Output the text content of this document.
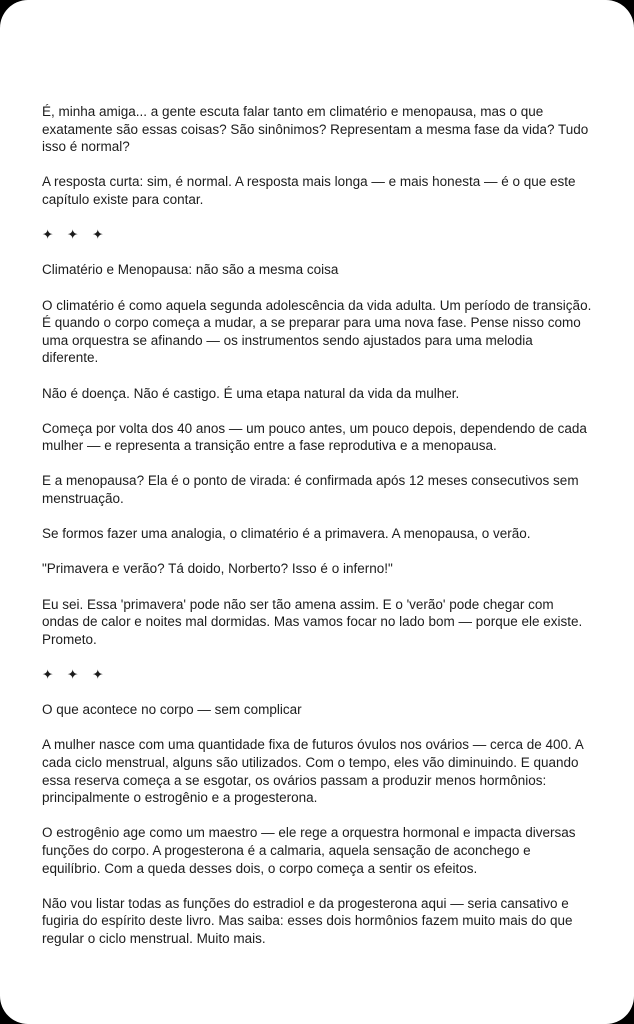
É, minha amiga... a gente escuta falar tanto em climatério e menopausa, mas o que exatamente são essas coisas? São sinônimos? Representam a mesma fase da vida? Tudo isso é normal?

A resposta curta: sim, é normal. A resposta mais longa — e mais honesta — é o que este capítulo existe para contar.

✦ ✦ ✦

Climatério e Menopausa: não são a mesma coisa

O climatério é como aquela segunda adolescência da vida adulta. Um período de transição. É quando o corpo começa a mudar, a se preparar para uma nova fase. Pense nisso como uma orquestra se afinando — os instrumentos sendo ajustados para uma melodia diferente.

Não é doença. Não é castigo. É uma etapa natural da vida da mulher.

Começa por volta dos 40 anos — um pouco antes, um pouco depois, dependendo de cada mulher — e representa a transição entre a fase reprodutiva e a menopausa.

E a menopausa? Ela é o ponto de virada: é confirmada após 12 meses consecutivos sem menstruação.

Se formos fazer uma analogia, o climatério é a primavera. A menopausa, o verão.

"Primavera e verão? Tá doido, Norberto? Isso é o inferno!"

Eu sei. Essa 'primavera' pode não ser tão amena assim. E o 'verão' pode chegar com ondas de calor e noites mal dormidas. Mas vamos focar no lado bom — porque ele existe. Prometo.

✦ ✦ ✦

O que acontece no corpo — sem complicar

A mulher nasce com uma quantidade fixa de futuros óvulos nos ovários — cerca de 400. A cada ciclo menstrual, alguns são utilizados. Com o tempo, eles vão diminuindo. E quando essa reserva começa a se esgotar, os ovários passam a produzir menos hormônios: principalmente o estrogênio e a progesterona.

O estrogênio age como um maestro — ele rege a orquestra hormonal e impacta diversas funções do corpo. A progesterona é a calmaria, aquela sensação de aconchego e equilíbrio. Com a queda desses dois, o corpo começa a sentir os efeitos.

Não vou listar todas as funções do estradiol e da progesterona aqui — seria cansativo e fugiria do espírito deste livro. Mas saiba: esses dois hormônios fazem muito mais do que regular o ciclo menstrual. Muito mais.
